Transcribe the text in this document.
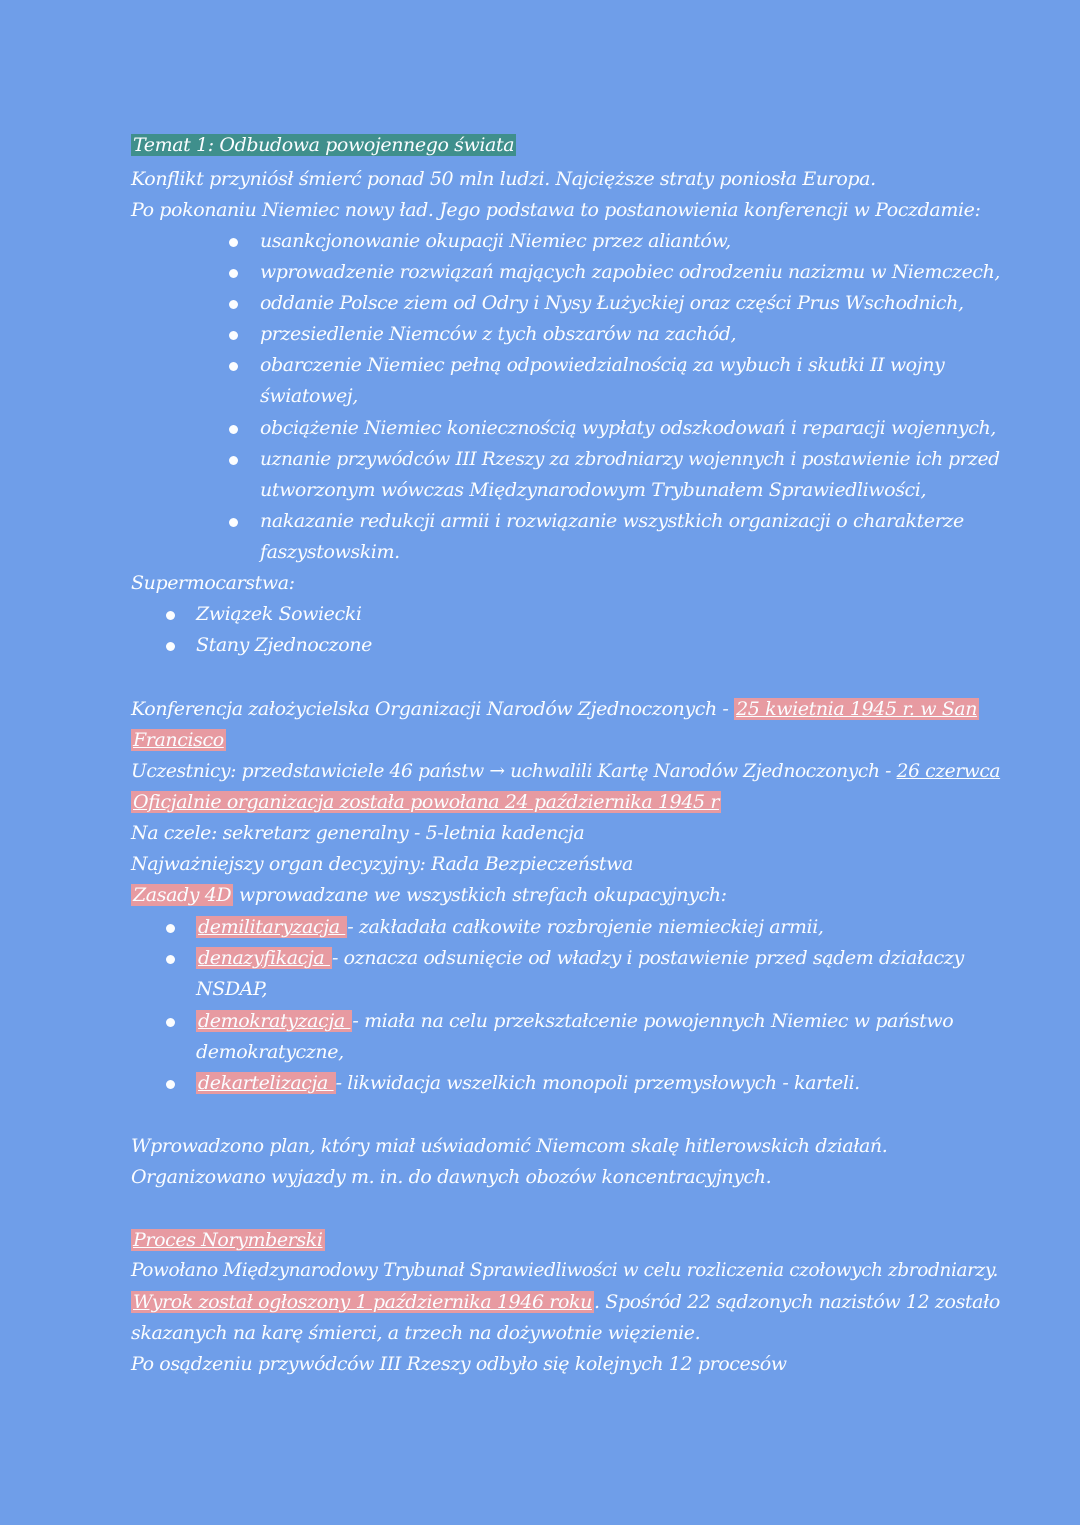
Temat 1: Odbudowa powojennego świata
Konflikt przyniósł śmierć ponad 50 mln ludzi. Najcięższe straty poniosła Europa.
Po pokonaniu Niemiec nowy ład. Jego podstawa to postanowienia konferencji w Poczdamie:
usankcjonowanie okupacji Niemiec przez aliantów,
wprowadzenie rozwiązań mających zapobiec odrodzeniu nazizmu w Niemczech,
oddanie Polsce ziem od Odry i Nysy Łużyckiej oraz części Prus Wschodnich,
przesiedlenie Niemców z tych obszarów na zachód,
obarczenie Niemiec pełną odpowiedzialnością za wybuch i skutki II wojny
światowej,
obciążenie Niemiec koniecznością wypłaty odszkodowań i reparacji wojennych,
uznanie przywódców III Rzeszy za zbrodniarzy wojennych i postawienie ich przed
utworzonym wówczas Międzynarodowym Trybunałem Sprawiedliwości,
nakazanie redukcji armii i rozwiązanie wszystkich organizacji o charakterze
faszystowskim.
Supermocarstwa:
Związek Sowiecki
Stany Zjednoczone
Konferencja założycielska Organizacji Narodów Zjednoczonych - 25 kwietnia 1945 r. w San
Francisco
Uczestnicy: przedstawiciele 46 państw → uchwalili Kartę Narodów Zjednoczonych - 26 czerwca
Oficjalnie organizacja została powołana 24 października 1945 r
Na czele: sekretarz generalny - 5-letnia kadencja
Najważniejszy organ decyzyjny: Rada Bezpieczeństwa
Zasady 4D wprowadzane we wszystkich strefach okupacyjnych:
demilitaryzacja - zakładała całkowite rozbrojenie niemieckiej armii,
denazyfikacja - oznacza odsunięcie od władzy i postawienie przed sądem działaczy
NSDAP,
demokratyzacja - miała na celu przekształcenie powojennych Niemiec w państwo
demokratyczne,
dekartelizacja - likwidacja wszelkich monopoli przemysłowych - karteli.
Wprowadzono plan, który miał uświadomić Niemcom skalę hitlerowskich działań.
Organizowano wyjazdy m. in. do dawnych obozów koncentracyjnych.
Proces Norymberski
Powołano Międzynarodowy Trybunał Sprawiedliwości w celu rozliczenia czołowych zbrodniarzy.
Wyrok został ogłoszony 1 października 1946 roku . Spośród 22 sądzonych nazistów 12 zostało
skazanych na karę śmierci, a trzech na dożywotnie więzienie.
Po osądzeniu przywódców III Rzeszy odbyło się kolejnych 12 procesów
